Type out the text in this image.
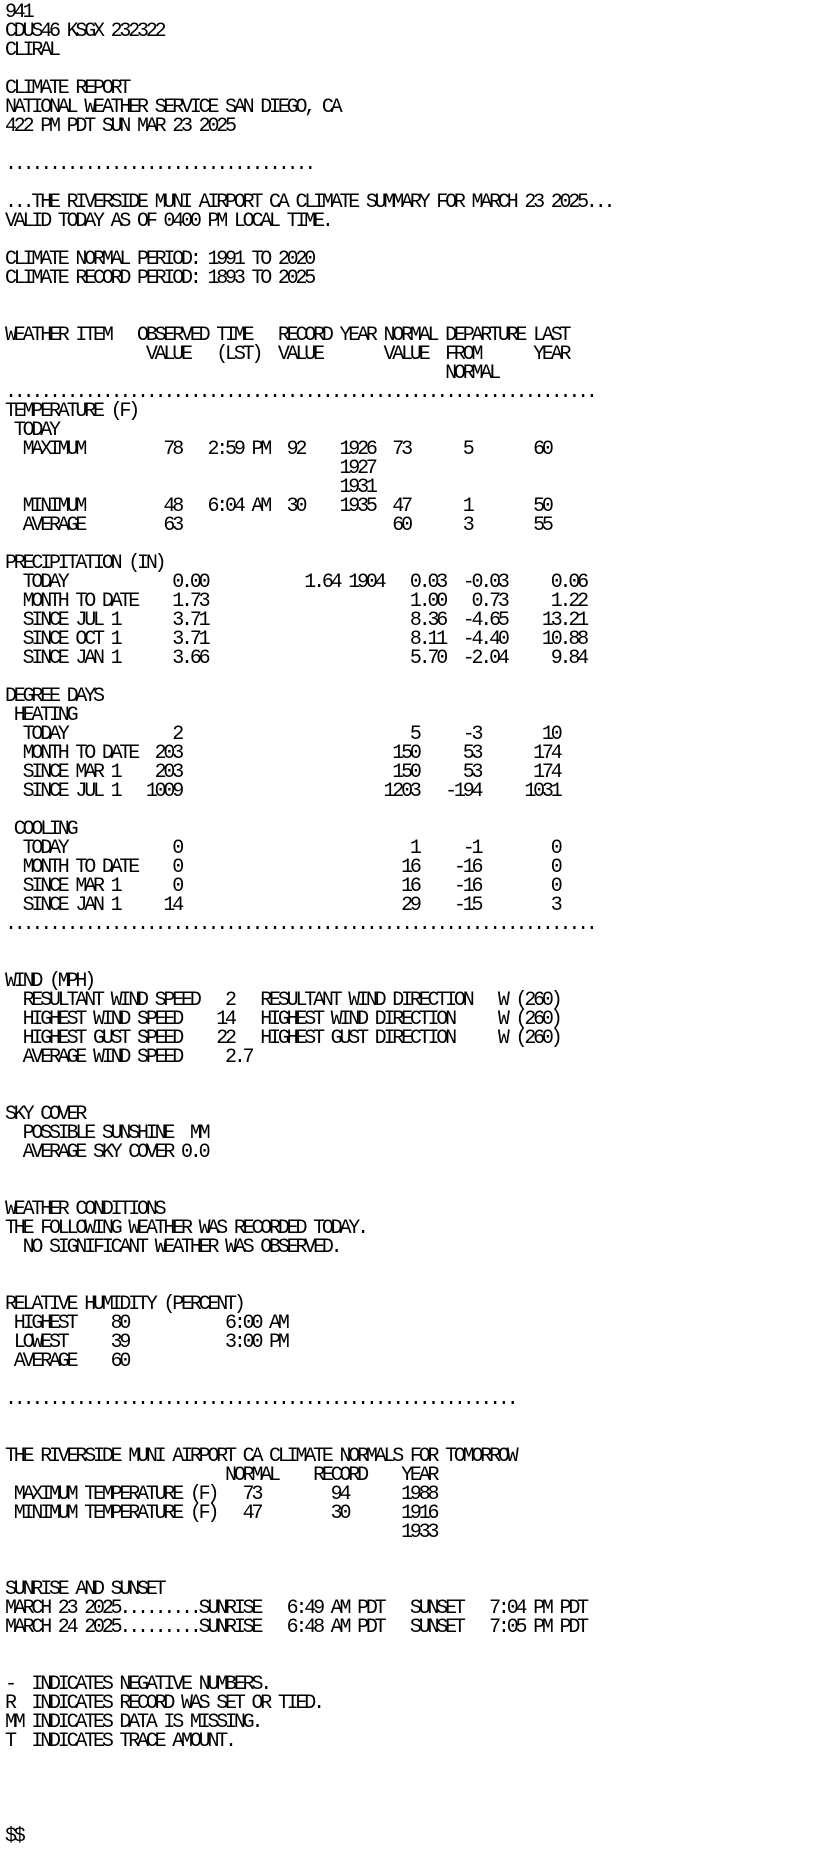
941
CDUS46 KSGX 232322
CLIRAL

CLIMATE REPORT
NATIONAL WEATHER SERVICE SAN DIEGO, CA
422 PM PDT SUN MAR 23 2025

...................................

...THE RIVERSIDE MUNI AIRPORT CA CLIMATE SUMMARY FOR MARCH 23 2025...
VALID TODAY AS OF 0400 PM LOCAL TIME.

CLIMATE NORMAL PERIOD: 1991 TO 2020
CLIMATE RECORD PERIOD: 1893 TO 2025

WEATHER ITEM   OBSERVED TIME   RECORD YEAR NORMAL DEPARTURE LAST
VALUE   (LST)  VALUE       VALUE  FROM      YEAR
NORMAL
...................................................................
TEMPERATURE (F)
TODAY
MAXIMUM         78   2:59 PM  92    1926  73      5       60
1927
1931
MINIMUM         48   6:04 AM  30    1935  47      1       50
AVERAGE         63                        60      3       55

PRECIPITATION (IN)
TODAY            0.00           1.64 1904   0.03  -0.03     0.06
MONTH TO DATE    1.73                       1.00   0.73     1.22
SINCE JUL 1      3.71                       8.36  -4.65    13.21
SINCE OCT 1      3.71                       8.11  -4.40    10.88
SINCE JAN 1      3.66                       5.70  -2.04     9.84

DEGREE DAYS
HEATING
TODAY            2                          5     -3       10
MONTH TO DATE  203                        150     53      174
SINCE MAR 1    203                        150     53      174
SINCE JUL 1   1009                       1203   -194     1031

COOLING
TODAY            0                          1     -1        0
MONTH TO DATE    0                         16    -16        0
SINCE MAR 1      0                         16    -16        0
SINCE JAN 1     14                         29    -15        3
...................................................................

WIND (MPH)
RESULTANT WIND SPEED   2   RESULTANT WIND DIRECTION   W (260)
HIGHEST WIND SPEED    14   HIGHEST WIND DIRECTION     W (260)
HIGHEST GUST SPEED    22   HIGHEST GUST DIRECTION     W (260)
AVERAGE WIND SPEED     2.7

SKY COVER
POSSIBLE SUNSHINE  MM
AVERAGE SKY COVER 0.0

WEATHER CONDITIONS
THE FOLLOWING WEATHER WAS RECORDED TODAY.
NO SIGNIFICANT WEATHER WAS OBSERVED.

RELATIVE HUMIDITY (PERCENT)
HIGHEST    80           6:00 AM
LOWEST     39           3:00 PM
AVERAGE    60

..........................................................

THE RIVERSIDE MUNI AIRPORT CA CLIMATE NORMALS FOR TOMORROW
NORMAL    RECORD    YEAR
MAXIMUM TEMPERATURE (F)   73        94      1988
MINIMUM TEMPERATURE (F)   47        30      1916
1933

SUNRISE AND SUNSET
MARCH 23 2025.........SUNRISE   6:49 AM PDT   SUNSET   7:04 PM PDT
MARCH 24 2025.........SUNRISE   6:48 AM PDT   SUNSET   7:05 PM PDT

-  INDICATES NEGATIVE NUMBERS.
R  INDICATES RECORD WAS SET OR TIED.
MM INDICATES DATA IS MISSING.
T  INDICATES TRACE AMOUNT.

$$
